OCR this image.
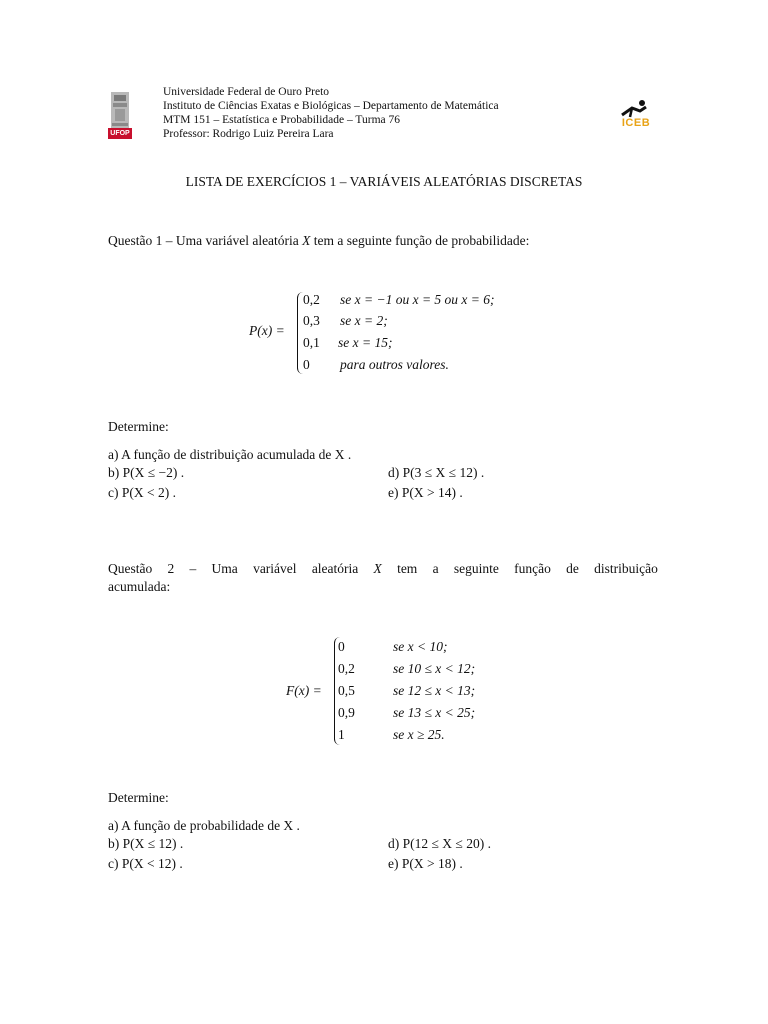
UFOP
Universidade Federal de Ouro Preto
Instituto de Ciências Exatas e Biológicas – Departamento de Matemática
MTM 151 – Estatística e Probabilidade – Turma 76
Professor: Rodrigo Luiz Pereira Lara
ICEB
LISTA DE EXERCÍCIOS 1 – VARIÁVEIS ALEATÓRIAS DISCRETAS
Questão 1 – Uma variável aleatória X tem a seguinte função de probabilidade:
P(x) =
0,2 se x = −1 ou x = 5 ou x = 6;
0,3 se x = 2;
0,1 se x = 15;
0 para outros valores.
Determine:
a) A função de distribuição acumulada de X .
b) P(X ≤ −2) .
c) P(X < 2) .
d) P(3 ≤ X ≤ 12) .
e) P(X > 14) .
Questão 2 – Uma variável aleatória X tem a seguinte função de distribuição
acumulada:
F(x) =
0	se x < 10;
0,2	se 10 ≤ x < 12;
0,5	se 12 ≤ x < 13;
0,9	se 13 ≤ x < 25;
1	se x ≥ 25.
Determine:
a) A função de probabilidade de X .
b) P(X ≤ 12) .
c) P(X < 12) .
d) P(12 ≤ X ≤ 20) .
e) P(X > 18) .
